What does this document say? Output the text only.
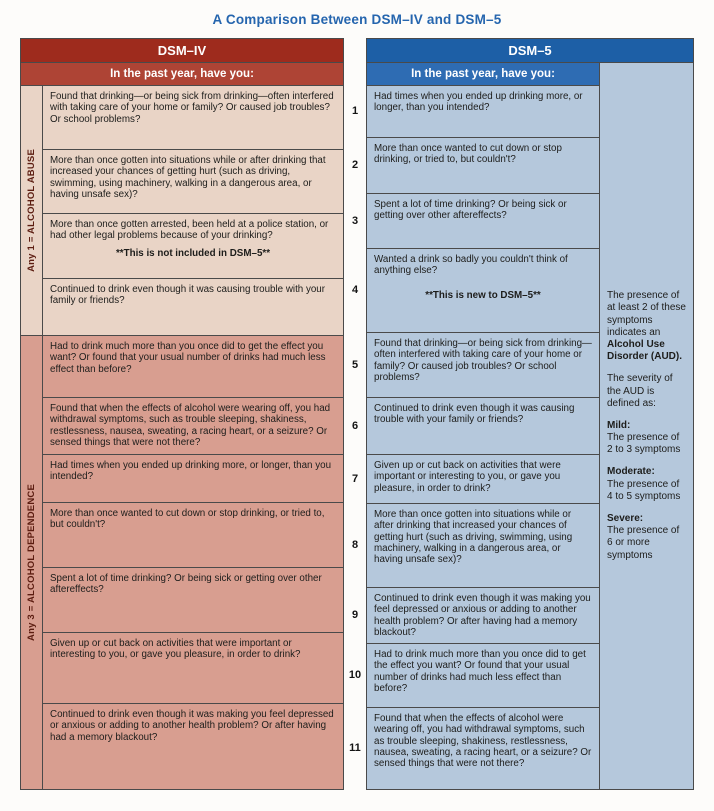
A Comparison Between DSM–IV and DSM–5
DSM–IV
In the past year, have you:
Any 1 = ALCOHOL ABUSE
Any 3 = ALCOHOL DEPENDENCE
Found that drinking—or being sick from drinking—often interfered with taking care of your home or family? Or caused job troubles? Or school problems?
More than once gotten into situations while or after drinking that increased your chances of getting hurt (such as driving, swimming, using machinery, walking in a dangerous area, or having unsafe sex)?
More than once gotten arrested, been held at a police station, or had other legal problems because of your drinking?
**This is not included in DSM–5**
Continued to drink even though it was causing trouble with your family or friends?
Had to drink much more than you once did to get the effect you want? Or found that your usual number of drinks had much less effect than before?
Found that when the effects of alcohol were wearing off, you had withdrawal symptoms, such as trouble sleeping, shakiness, restlessness, nausea, sweating, a racing heart, or a seizure? Or sensed things that were not there?
Had times when you ended up drinking more, or longer, than you intended?
More than once wanted to cut down or stop drinking, or tried to, but couldn't?
Spent a lot of time drinking? Or being sick or getting over other aftereffects?
Given up or cut back on activities that were important or interesting to you, or gave you pleasure, in order to drink?
Continued to drink even though it was making you feel depressed or anxious or adding to another health problem? Or after having had a memory blackout?
1
2
3
4
5
6
7
8
9
10
11
DSM–5
In the past year, have you:
Had times when you ended up drinking more, or longer, than you intended?
More than once wanted to cut down or stop drinking, or tried to, but couldn't?
Spent a lot of time drinking? Or being sick or getting over other aftereffects?
Wanted a drink so badly you couldn't think of anything else?
**This is new to DSM–5**
Found that drinking—or being sick from drinking—often interfered with taking care of your home or family? Or caused job troubles? Or school problems?
Continued to drink even though it was causing trouble with your family or friends?
Given up or cut back on activities that were important or interesting to you, or gave you pleasure, in order to drink?
More than once gotten into situations while or after drinking that increased your chances of getting hurt (such as driving, swimming, using machinery, walking in a dangerous area, or having unsafe sex)?
Continued to drink even though it was making you feel depressed or anxious or adding to another health problem? Or after having had a memory blackout?
Had to drink much more than you once did to get the effect you want? Or found that your usual number of drinks had much less effect than before?
Found that when the effects of alcohol were wearing off, you had withdrawal symptoms, such as trouble sleeping, shakiness, restlessness, nausea, sweating, a racing heart, or a seizure? Or sensed things that were not there?

The presence of at least 2 of these symptoms indicates an Alcohol Use Disorder (AUD).

The severity of the AUD is defined as:

Mild:
The presence of 2 to 3 symptoms

Moderate:
The presence of 4 to 5 symptoms

Severe:
The presence of 6 or more symptoms
